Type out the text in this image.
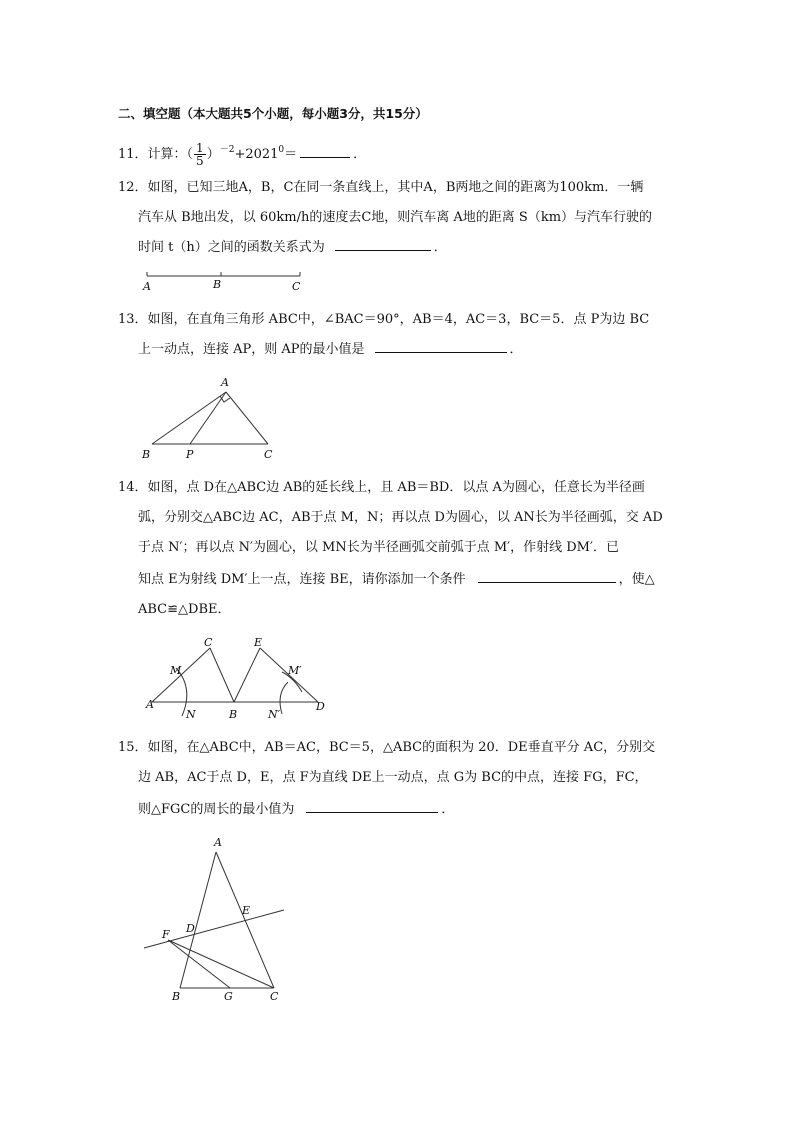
二、填空题（本大题共5个小题，每小题3分，共15分）
11．计算：（ $\frac{1}{5} )^{-2}+2021^0=$	．
12．如图，已知三地A，B，C在同一条直线上，其中A，B两地之间的距离为100km．一辆
汽车从 B地出发，以 60km/h的速度去C地，则汽车离 A地的距离 S（km）与汽车行驶的
时间 t（h）之间的函数关系式为	．
A	B	C
13．如图，在直角三角形 ABC中，∠BAC＝90°，AB＝4，AC＝3，BC＝5．点 P为边 BC
上一动点，连接 AP，则 AP的最小值是	．
A
B	P	C
14．如图，点 D在△ABC边 AB的延长线上，且 AB＝BD．以点 A为圆心，任意长为半径画
弧，分别交△ABC边 AC，AB于点 M，N；再以点 D为圆心，以 AN长为半径画弧，交 AD
于点 N′；再以点 N′为圆心，以 MN长为半径画弧交前弧于点 M′，作射线 DM′．已
知点 E为射线 DM′上一点，连接 BE，请你添加一个条件	，使△
ABC≌△DBE．
A
M
C
N	B
E
N′
M′
D
15．如图，在△ABC中，AB＝AC，BC＝5，△ABC的面积为 20．DE垂直平分 AC，分别交
边 AB，AC于点 D，E，点 F为直线 DE上一动点，点 G为 BC的中点，连接 FG，FC，
则△FGC的周长的最小值为	．
A
E
F D
B	G	C
